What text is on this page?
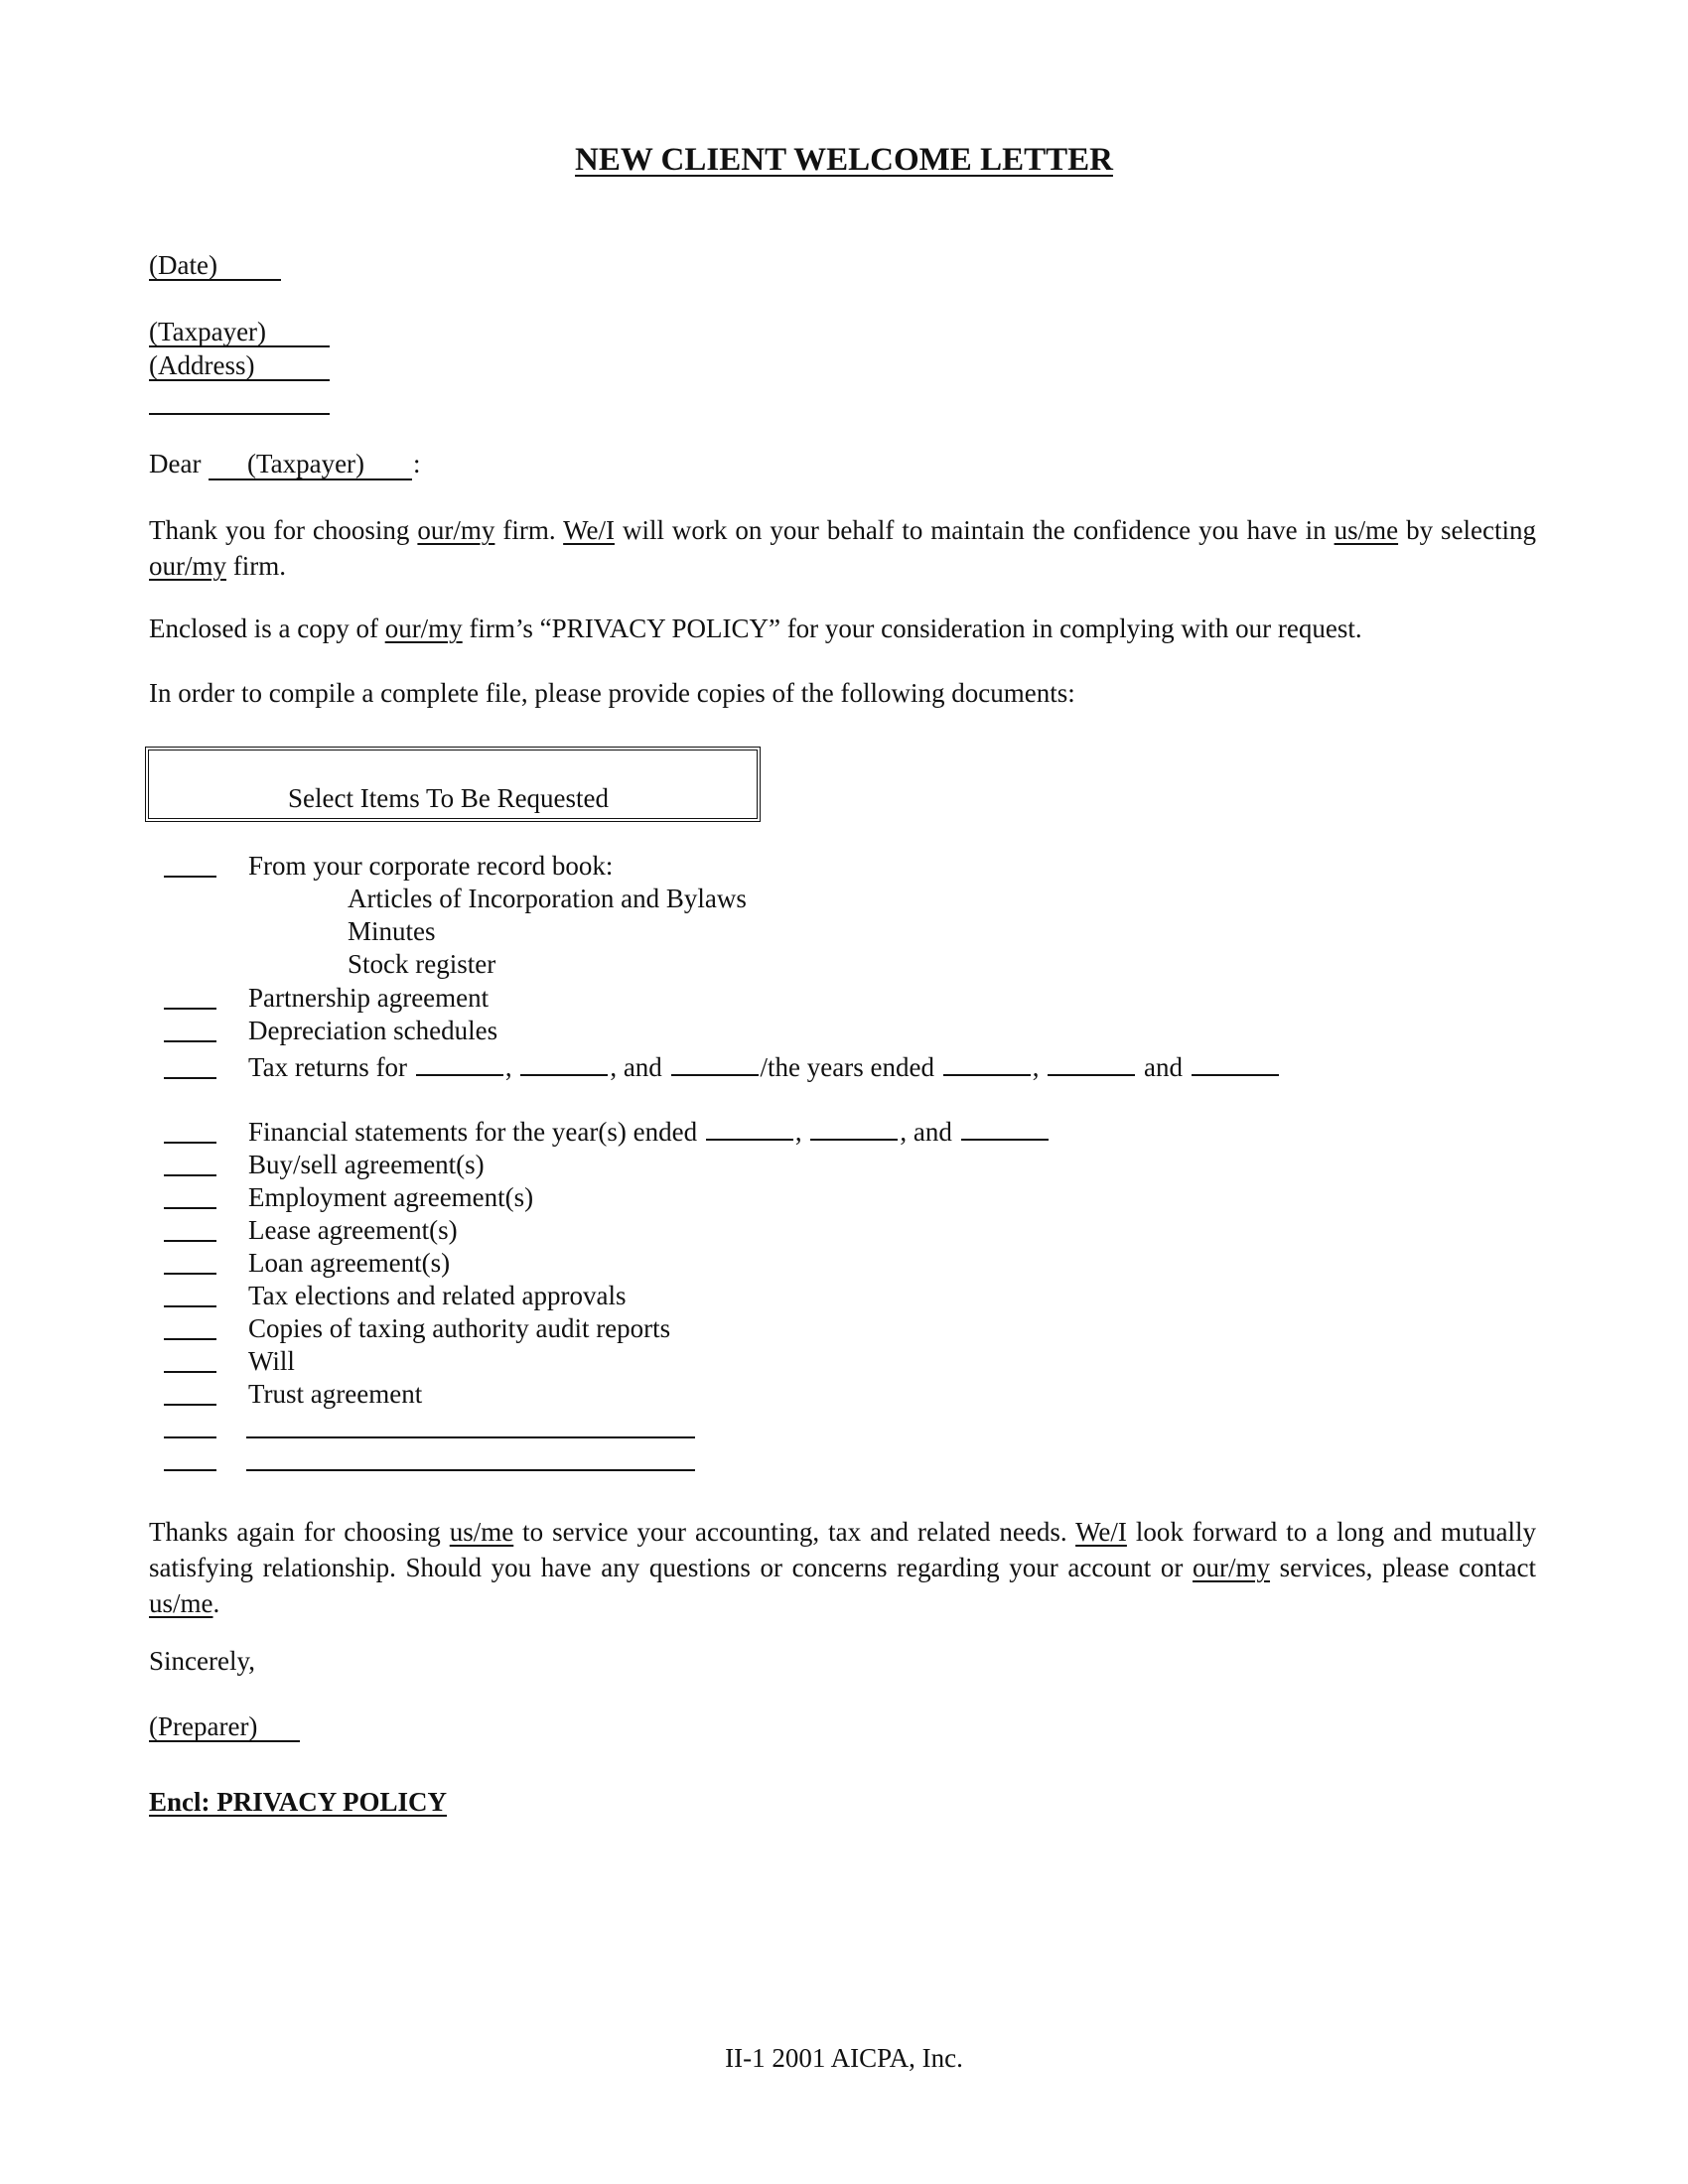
NEW CLIENT WELCOME LETTER
(Date)
(Taxpayer)
(Address)
Dear (Taxpayer) :
Thank you for choosing our/my firm. We/I will work on your behalf to maintain the confidence you have in us/me by selecting our/my firm.
Enclosed is a copy of our/my firm’s “PRIVACY POLICY” for your consideration in complying with our request.
In order to compile a complete file, please provide copies of the following documents:
Select Items To Be Requested
From your corporate record book:
Articles of Incorporation and Bylaws
Minutes
Stock register
Partnership agreement
Depreciation schedules
Tax returns for	,	, and	/the years ended	,	and
Financial statements for the year(s) ended	,	, and
Buy/sell agreement(s)
Employment agreement(s)
Lease agreement(s)
Loan agreement(s)
Tax elections and related approvals
Copies of taxing authority audit reports
Will
Trust agreement
Thanks again for choosing us/me to service your accounting, tax and related needs. We/I look forward to a long and mutually satisfying relationship. Should you have any questions or concerns regarding your account or our/my services, please contact us/me.
Sincerely,
(Preparer)
Encl: PRIVACY POLICY
II-1 2001 AICPA, Inc.
